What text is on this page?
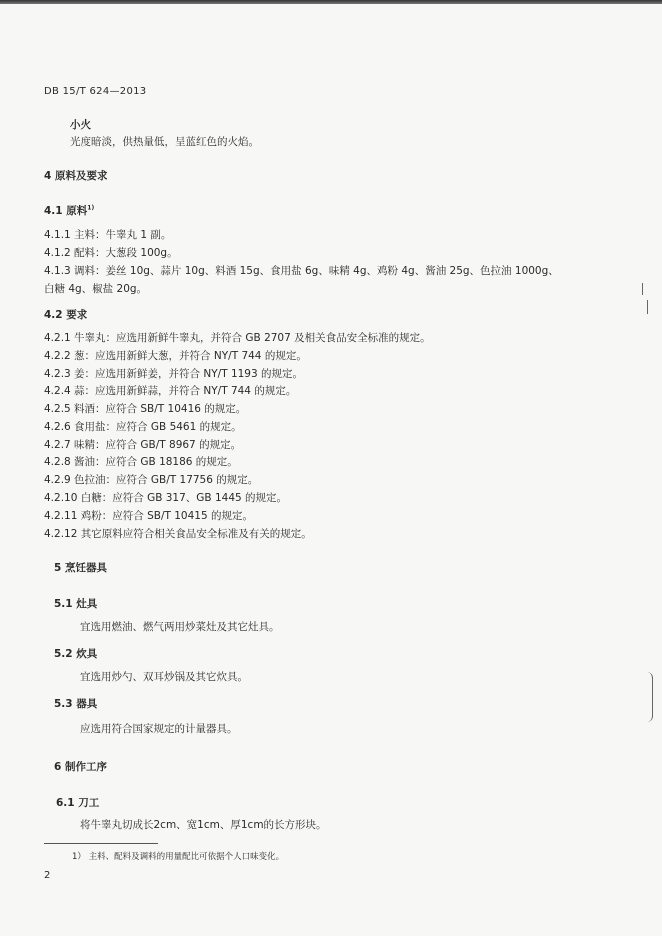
DB 15/T 624—2013
小火
光度暗淡，供热量低，呈蓝红色的火焰。
4 原料及要求
4.1 原料$^{1)}$
4.1.1 主料：牛睾丸 1 副。
4.1.2 配料：大葱段 100g。
4.1.3 调料：姜丝 10g、蒜片 10g、料酒 15g、食用盐 6g、味精 4g、鸡粉 4g、酱油 25g、色拉油 1000g、
白糖 4g、椒盐 20g。
4.2 要求
4.2.1 牛睾丸：应选用新鲜牛睾丸，并符合 GB 2707 及相关食品安全标准的规定。
4.2.2 葱：应选用新鲜大葱，并符合 NY/T 744 的规定。
4.2.3 姜：应选用新鲜姜，并符合 NY/T 1193 的规定。
4.2.4 蒜：应选用新鲜蒜，并符合 NY/T 744 的规定。
4.2.5 料酒：应符合 SB/T 10416 的规定。
4.2.6 食用盐：应符合 GB 5461 的规定。
4.2.7 味精：应符合 GB/T 8967 的规定。
4.2.8 酱油：应符合 GB 18186 的规定。
4.2.9 色拉油：应符合 GB/T 17756 的规定。
4.2.10 白糖：应符合 GB 317、GB 1445 的规定。
4.2.11 鸡粉：应符合 SB/T 10415 的规定。
4.2.12 其它原料应符合相关食品安全标准及有关的规定。
5 烹饪器具
5.1 灶具
宜选用燃油、燃气两用炒菜灶及其它灶具。
5.2 炊具
宜选用炒勺、双耳炒锅及其它炊具。
5.3 器具
应选用符合国家规定的计量器具。
6 制作工序
6.1 刀工
将牛睾丸切成长2cm、宽1cm、厚1cm的长方形块。
1） 主料、配料及调料的用量配比可依据个人口味变化。
2
